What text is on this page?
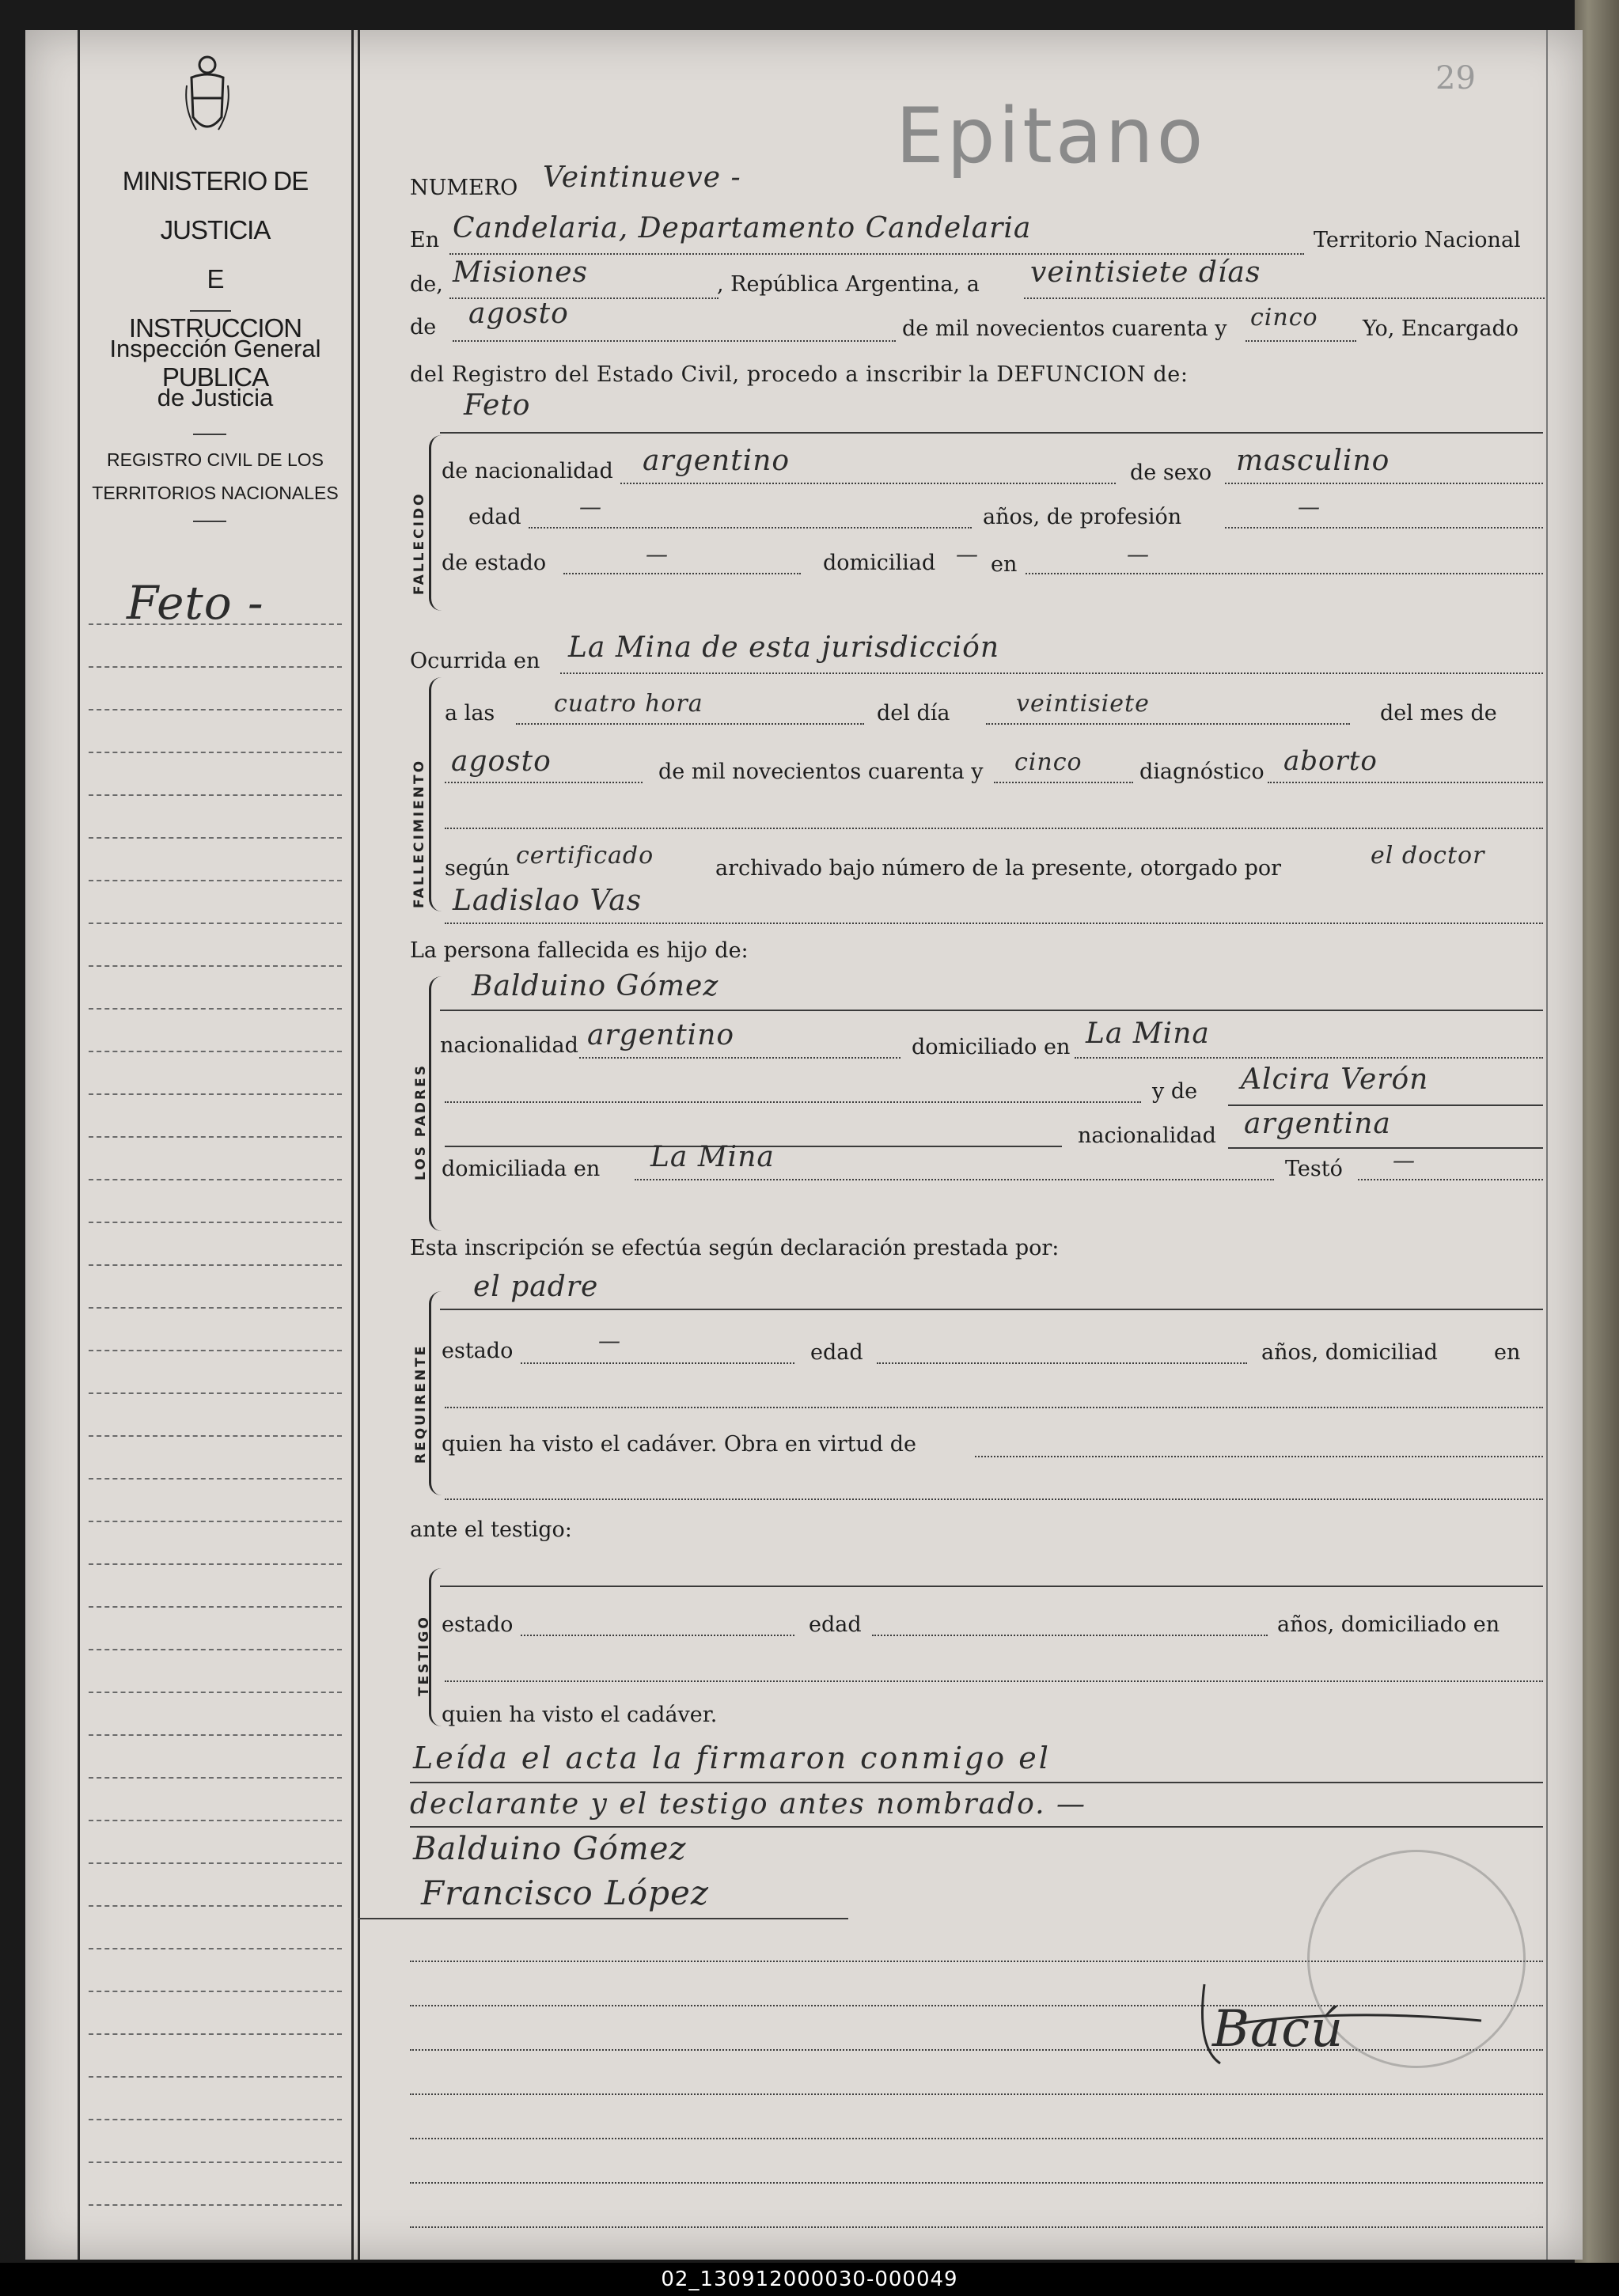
MINISTERIO DE JUSTICIA
E
INSTRUCCION PUBLICA
Inspección General
de Justicia
REGISTRO CIVIL DE LOS
TERRITORIOS NACIONALES
Feto -
29
Epitano
NUMERO Veintinueve -
En Candelaria, Departamento Candelaria	Territorio Nacional
de, Misiones	, República Argentina, a veintisiete días
de agosto	de mil novecientos cuarenta y cinco Yo, Encargado
del Registro del Estado Civil, procedo a inscribir la DEFUNCION de:
Feto
FALLECIDO
de nacionalidad argentino	de sexo masculino
edad	—	años, de profesión	—
de estado	—	domiciliad — en	—
Ocurrida en La Mina de esta jurisdicción
FALLECIMIENTO
a las cuatro hora	del día	veintisiete	del mes de
agosto	de mil novecientos cuarenta y cinco	diagnóstico aborto
según certificado	archivado bajo número de la presente, otorgado por	el doctor
Ladislao Vas
La persona fallecida es hijo de:
LOS PADRES
Balduino Gómez
nacionalidad argentino	domiciliado en La Mina
y de Alcira Verón
nacionalidad argentina
domiciliada en La Mina	Testó —
Esta inscripción se efectúa según declaración prestada por:
el padre
REQUIRENTE estado	—	edad	años, domiciliad	en
quien ha visto el cadáver. Obra en virtud de
ante el testigo:
TESTIGO estado	edad	años, domiciliado en
quien ha visto el cadáver.
Leída el acta la firmaron conmigo el
declarante y el testigo antes nombrado. —
Balduino Gómez
Francisco López
Bacú
02_130912000030-000049
